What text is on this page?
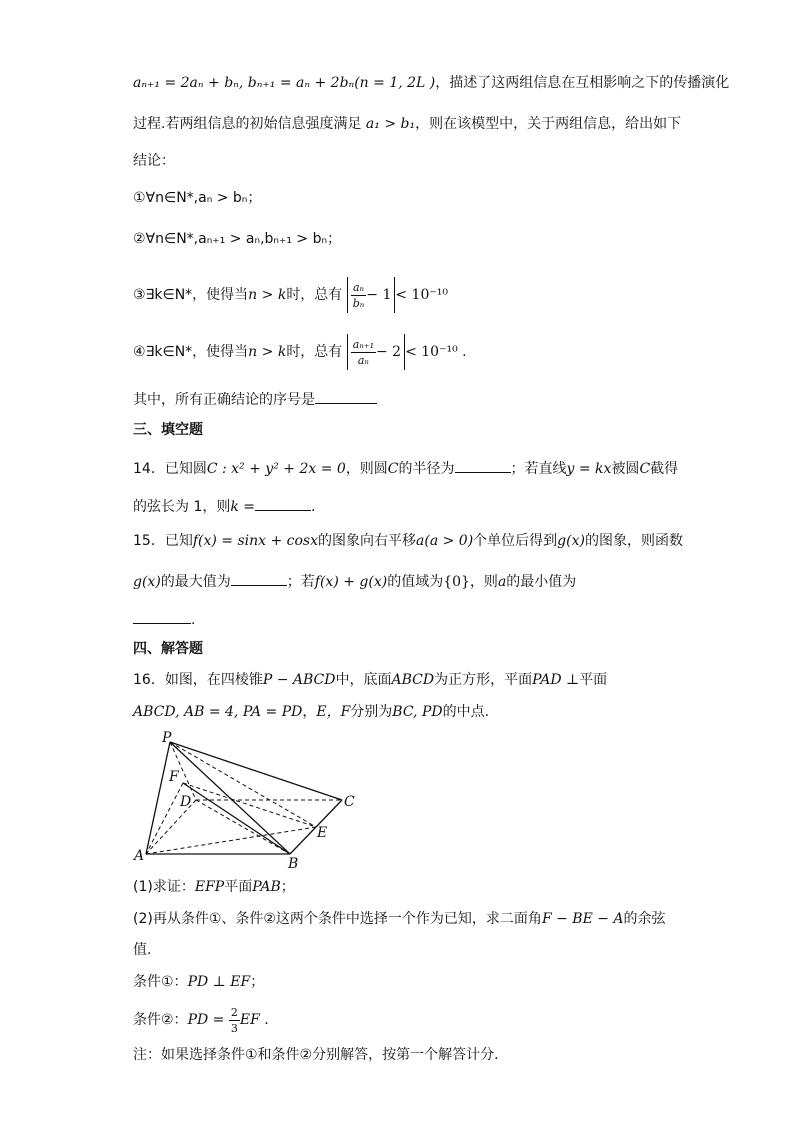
aₙ₊₁ = 2aₙ + bₙ, bₙ₊₁ = aₙ + 2bₙ(n = 1, 2L )，描述了这两组信息在互相影响之下的传播演化
过程.若两组信息的初始信息强度满足 a₁ > b₁，则在该模型中，关于两组信息，给出如下
结论：
①∀n∈N*,aₙ > bₙ；
②∀n∈N*,aₙ₊₁ > aₙ,bₙ₊₁ > bₙ；
③∃k∈N*，使得当n > k时，总有 $\frac{\text{aₙ}}{\text{bₙ}} - 1 < 10^{-10}$
④∃k∈N*，使得当n > k时，总有 $\frac{\text{aₙ₊₁}}{\text{aₙ}} - 2 < 10^{-10}$ .
其中，所有正确结论的序号是
三、填空题
14．已知圆C : x² + y² + 2x = 0，则圆C的半径为	；若直线y = kx被圆C截得
的弦长为 1，则k =	.
15．已知f(x) = sinx + cosx的图象向右平移a(a > 0)个单位后得到g(x)的图象，则函数
g(x)的最大值为	；若f(x) + g(x)的值域为{0}，则a的最小值为
.
四、解答题
16．如图，在四棱锥P − ABCD中，底面ABCD为正方形，平面PAD ⊥平面
ABCD, AB = 4, PA = PD，E，F分别为BC, PD的中点.
P
F
D	C
E
A	B
(1)求证：EFP平面PAB；
(2)再从条件①、条件②这两个条件中选择一个作为已知，求二面角F − BE − A的余弦
值.
条件①：PD ⊥ EF；
条件②：PD = $\frac{2}{3}$ EF .
注：如果选择条件①和条件②分别解答，按第一个解答计分．
